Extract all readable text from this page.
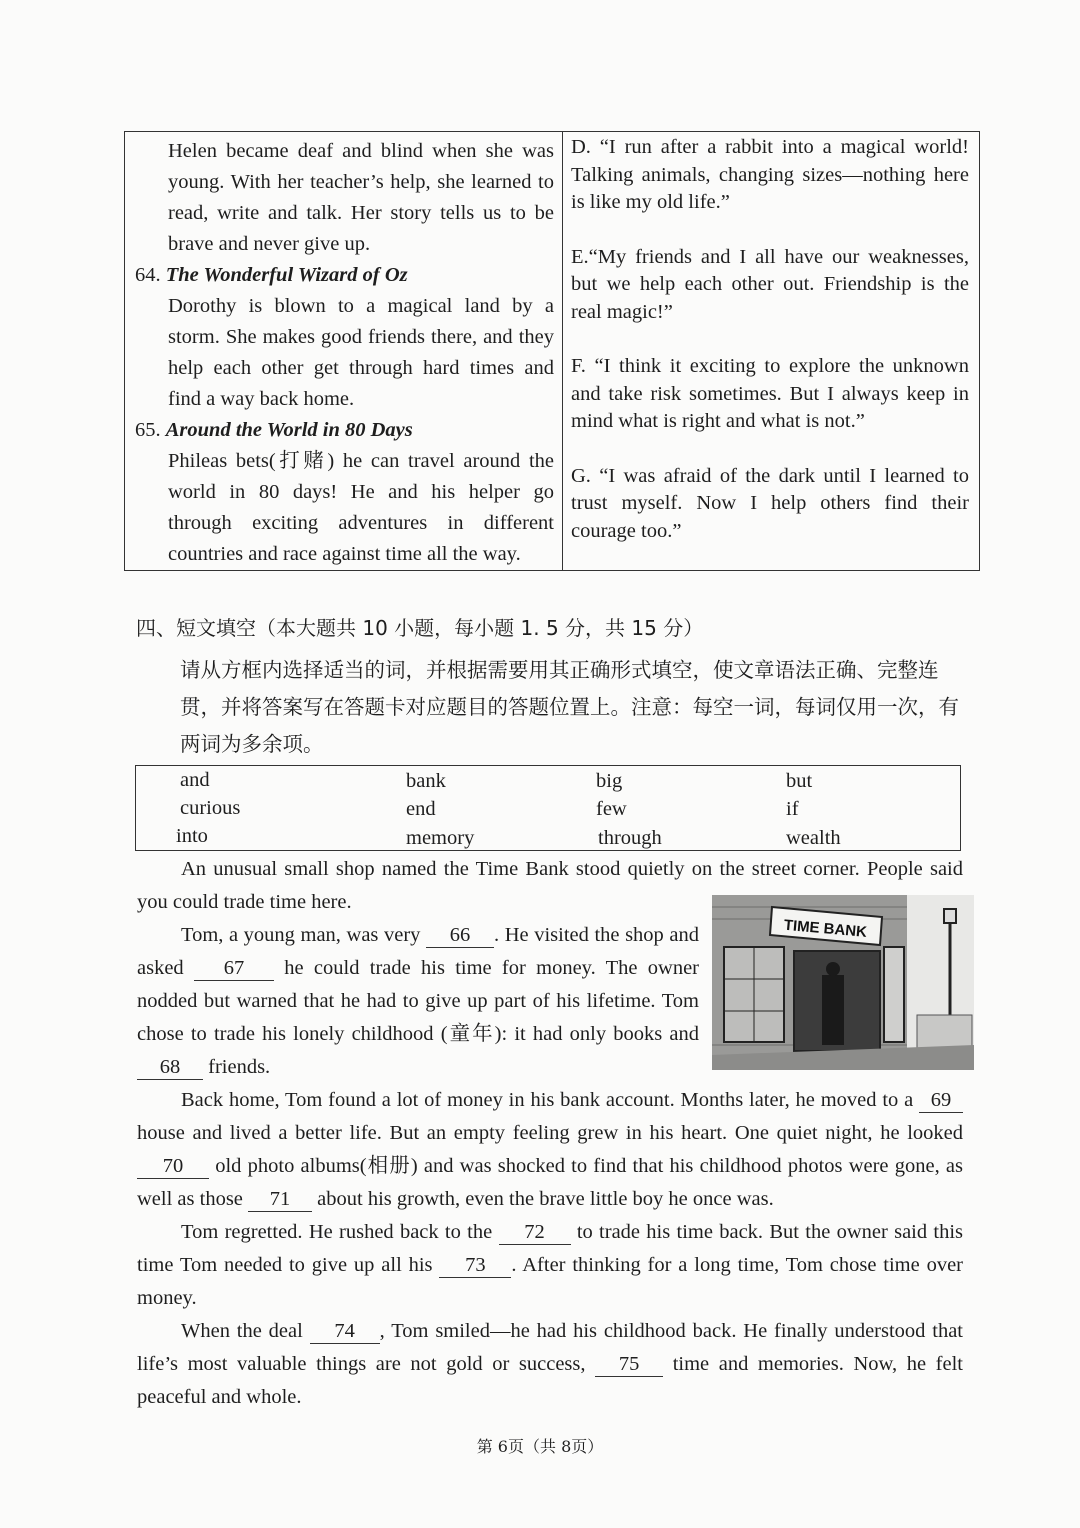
Helen became deaf and blind when she was young. With her teacher’s help, she learned to read, write and talk. Her story tells us to be brave and never give up.
64. The Wonderful Wizard of Oz
Dorothy is blown to a magical land by a storm. She makes good friends there, and they help each other get through hard times and find a way back home.
65. Around the World in 80 Days
Phileas bets(打赌) he can travel around the world in 80 days! He and his helper go through exciting adventures in different countries and race against time all the way.
D. “I run after a rabbit into a magical world! Talking animals, changing sizes—nothing here is like my old life.”
E.“My friends and I all have our weaknesses, but we help each other out. Friendship is the real magic!”
F. “I think it exciting to explore the unknown and take risk sometimes. But I always keep in mind what is right and what is not.”
G. “I was afraid of the dark until I learned to trust myself. Now I help others find their courage too.”
四、短文填空（本大题共 10 小题，每小题 1. 5 分，共 15 分）
请从方框内选择适当的词，并根据需要用其正确形式填空，使文章语法正确、完整连贯，并将答案写在答题卡对应题目的答题位置上。注意：每空一词，每词仅用一次，有两词为多余项。
and	bank	big	but
curious	end	few	if
into	memory	through	wealth
TIME BANK

An unusual small shop named the Time Bank stood quietly on the street corner. People said you could trade time here.

Tom, a young man, was very 66 . He visited the shop and asked 67 he could trade his time for money. The owner nodded but warned that he had to give up part of his lifetime. Tom chose to trade his lonely childhood (童年): it had only books and 68 friends.

Back home, Tom found a lot of money in his bank account. Months later, he moved to a 69 house and lived a better life. But an empty feeling grew in his heart. One quiet night, he looked 70 old photo albums(相册) and was shocked to find that his childhood photos were gone, as well as those 71 about his growth, even the brave little boy he once was.

Tom regretted. He rushed back to the 72 to trade his time back. But the owner said this time Tom needed to give up all his 73 . After thinking for a long time, Tom chose time over money.

When the deal 74 , Tom smiled—he had his childhood back. He finally understood that life’s most valuable things are not gold or success, 75 time and memories. Now, he felt peaceful and whole.

第 6页（共 8页）
